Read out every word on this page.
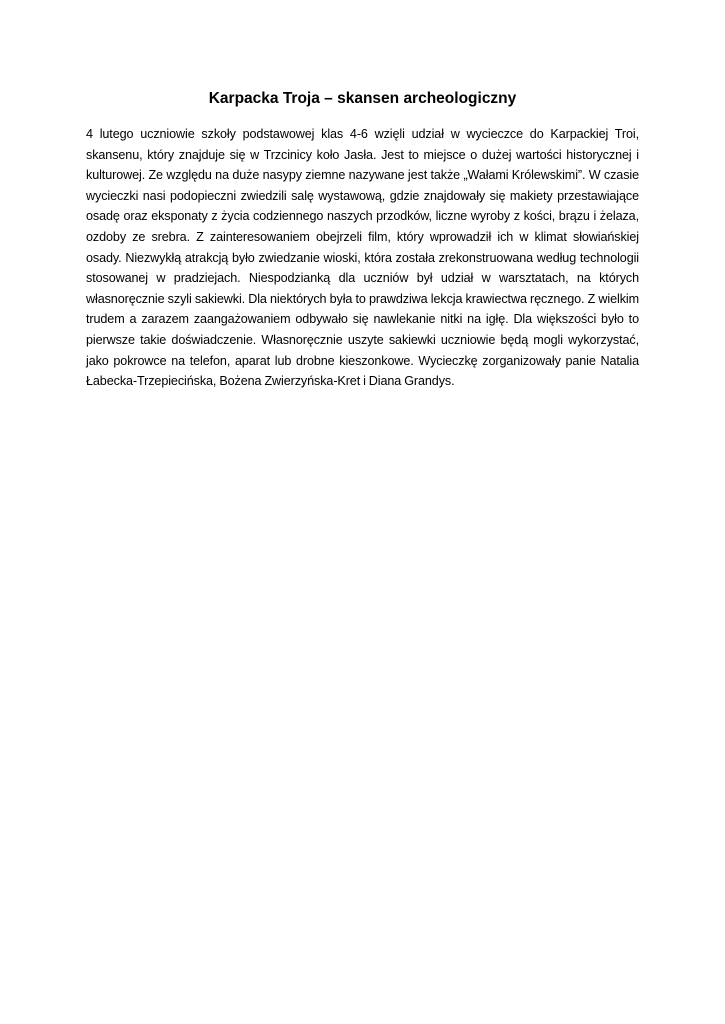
Karpacka Troja – skansen archeologiczny

4 lutego uczniowie szkoły podstawowej klas 4-6 wzięli udział w wycieczce do Karpackiej Troi, skansenu, który znajduje się w Trzcinicy koło Jasła. Jest to miejsce o dużej wartości historycznej i kulturowej. Ze względu na duże nasypy ziemne nazywane jest także „Wałami Królewskimi”. W czasie wycieczki nasi podopieczni zwiedzili salę wystawową, gdzie znajdowały się makiety przestawiające osadę oraz eksponaty z życia codziennego naszych przodków, liczne wyroby z kości, brązu i żelaza, ozdoby ze srebra. Z zainteresowaniem obejrzeli film, który wprowadził ich w klimat słowiańskiej osady. Niezwykłą atrakcją było zwiedzanie wioski, która została zrekonstruowana według technologii stosowanej w pradziejach. Niespodzianką dla uczniów był udział w warsztatach, na których własnoręcznie szyli sakiewki. Dla niektórych była to prawdziwa lekcja krawiectwa ręcznego. Z wielkim trudem a zarazem zaangażowaniem odbywało się nawlekanie nitki na igłę. Dla większości było to pierwsze takie doświadczenie. Własnoręcznie uszyte sakiewki uczniowie będą mogli wykorzystać, jako pokrowce na telefon, aparat lub drobne kieszonkowe. Wycieczkę zorganizowały panie Natalia Łabecka-Trzepiecińska, Bożena Zwierzyńska-Kret i Diana Grandys.
